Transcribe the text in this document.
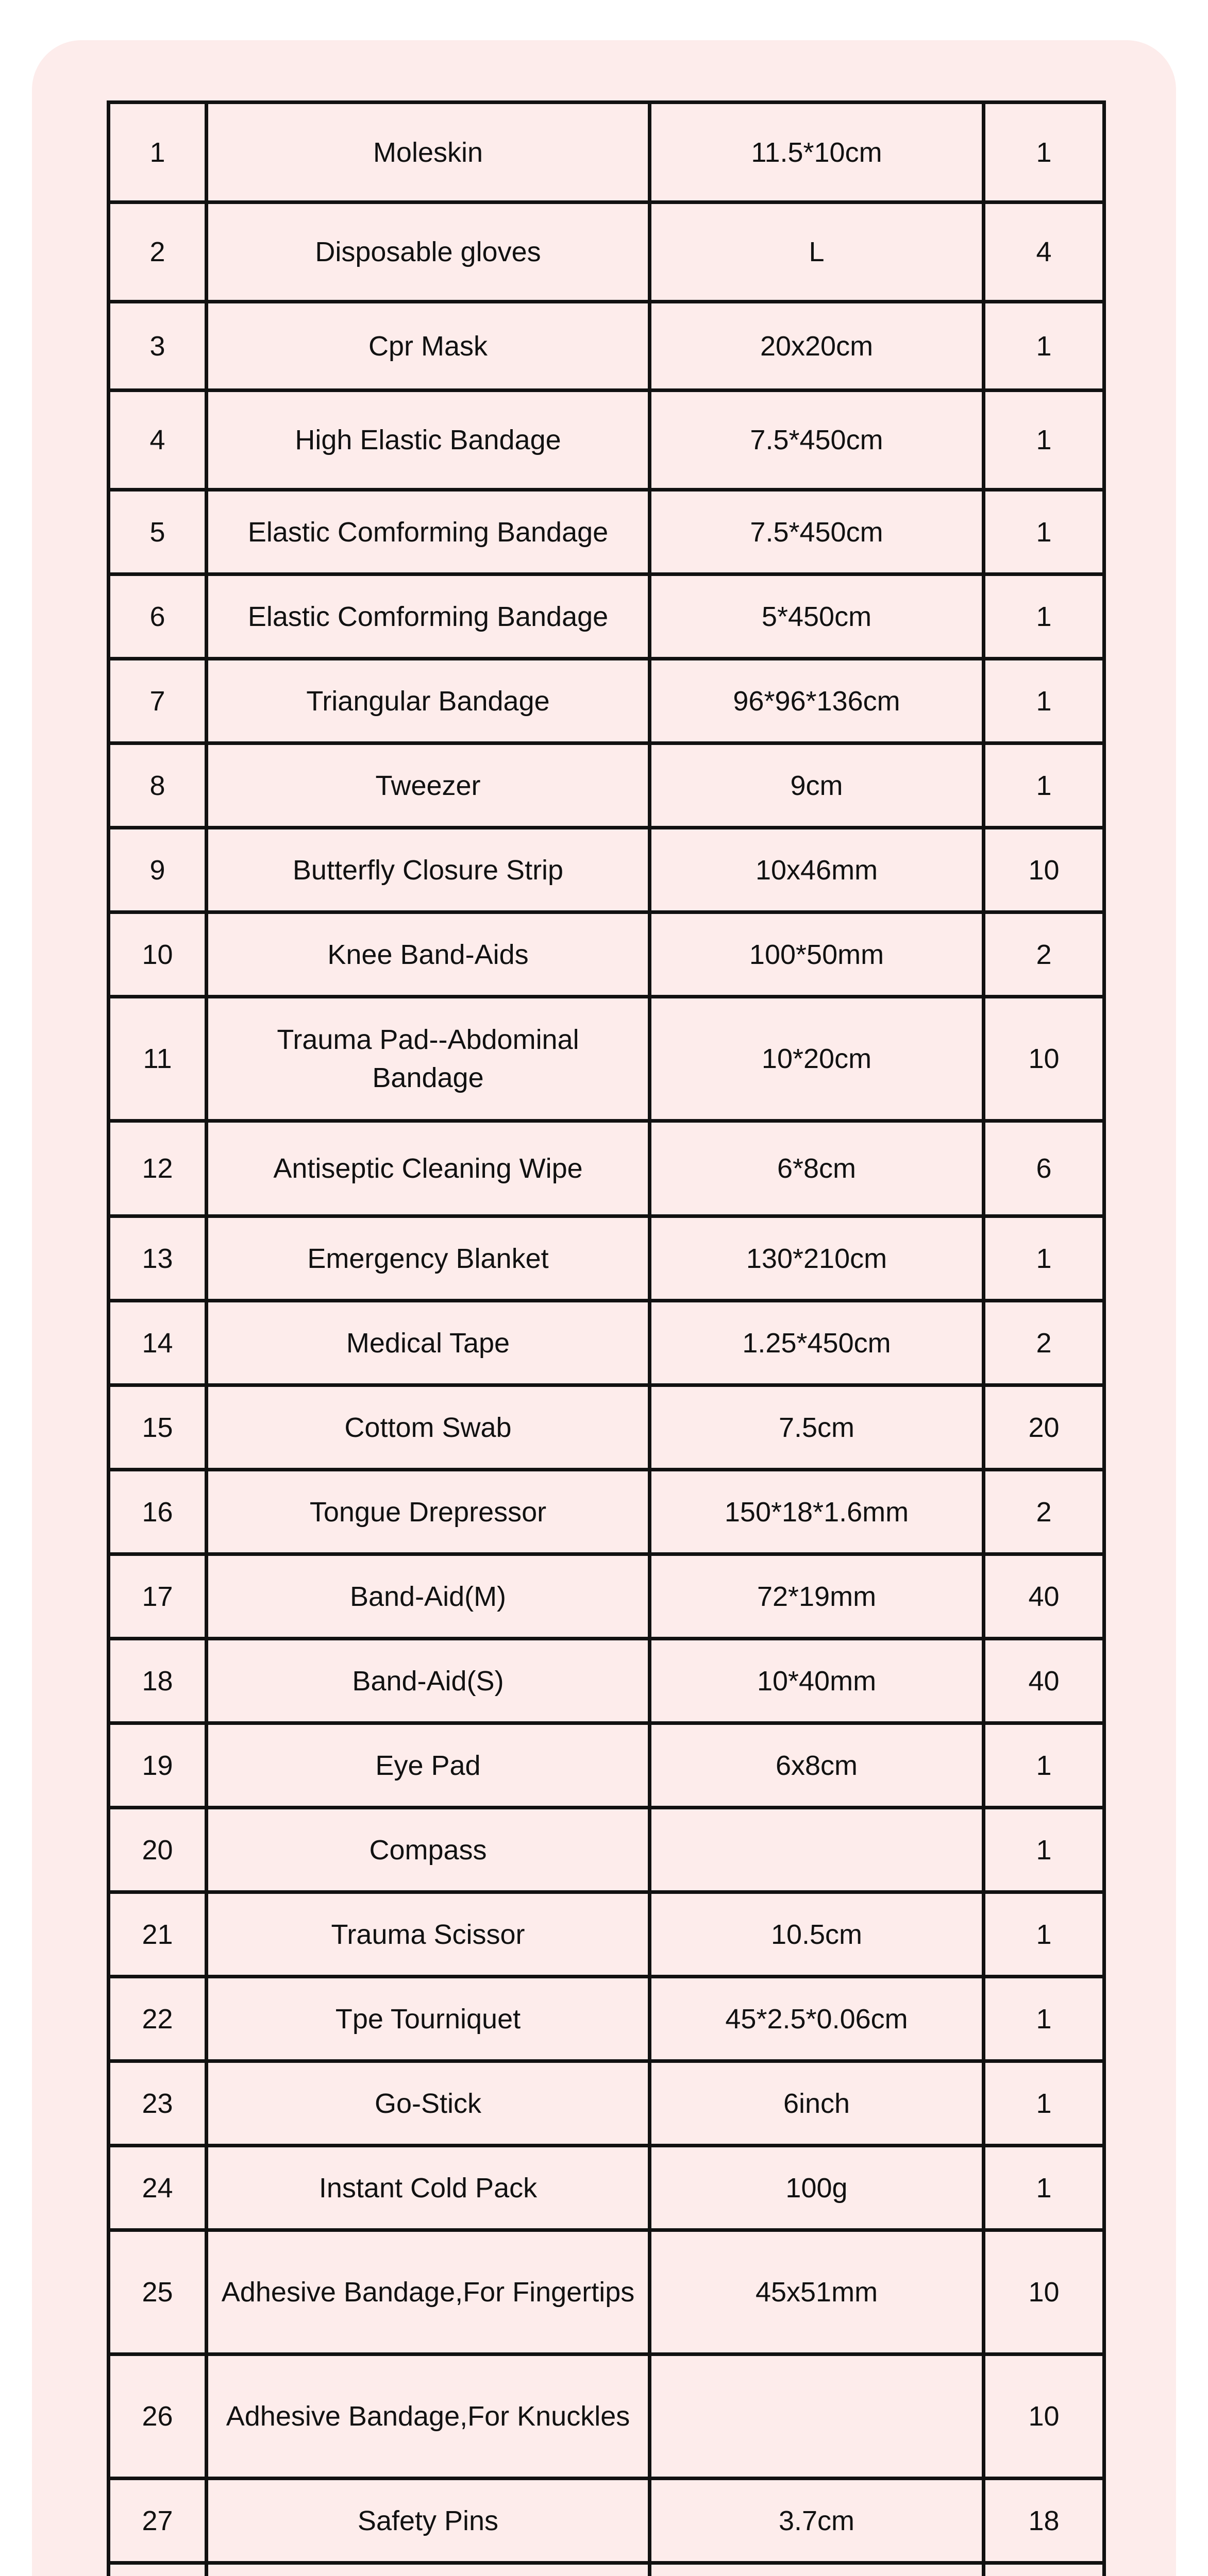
1	Moleskin	11.5*10cm	1
2	Disposable gloves	L	4
3	Cpr Mask	20x20cm	1
4	High Elastic Bandage	7.5*450cm	1
5	Elastic Comforming Bandage	7.5*450cm	1
6	Elastic Comforming Bandage	5*450cm	1
7	Triangular Bandage	96*96*136cm	1
8	Tweezer	9cm	1
9	Butterfly Closure Strip	10x46mm	10
10	Knee Band-Aids	100*50mm	2
11	Trauma Pad--Abdominal Bandage	10*20cm	10
12	Antiseptic Cleaning Wipe	6*8cm	6
13	Emergency Blanket	130*210cm	1
14	Medical Tape	1.25*450cm	2
15	Cottom Swab	7.5cm	20
16	Tongue Drepressor	150*18*1.6mm	2
17	Band-Aid(M)	72*19mm	40
18	Band-Aid(S)	10*40mm	40
19	Eye Pad	6x8cm	1
20	Compass		1
21	Trauma Scissor	10.5cm	1
22	Tpe Tourniquet	45*2.5*0.06cm	1
23	Go-Stick	6inch	1
24	Instant Cold Pack	100g	1
25	Adhesive Bandage,For Fingertips	45x51mm	10
26	Adhesive Bandage,For Knuckles		10
27	Safety Pins	3.7cm	18
